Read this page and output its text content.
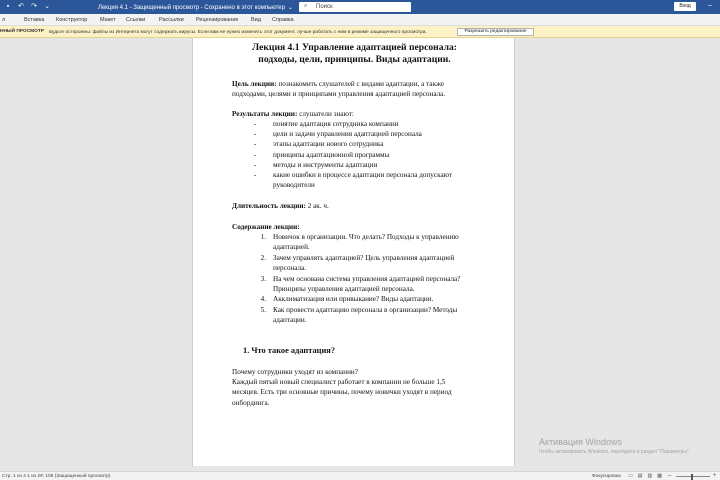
▪	↶ ↷ ⌄	Лекция 4.1 - Защищенный просмотр - Сохранено в этот компьютер ⌄ ⌕ Поиск	Вход	–
л	Вставка Конструктор Макет Ссылки Рассылки Рецензирование Вид Справка
ННЫЙ ПРОСМОТР Будьте осторожны: файлы из Интернета могут содержать вирусы. Если вам не нужно изменять этот документ, лучше работать с ним в режиме защищенного просмотра.	Разрешить редактирование
Лекция 4.1 Управление адаптацией персонала:
подходы, цели, принципы. Виды адаптации.
Цель лекции: познакомить слушателей с видами адаптации, а также
подходами, целями и принципами управления адаптацией персонала.
Результаты лекции: слушатели знают:
- понятие адаптация сотрудника компании
- цели и задачи управления адаптацией персонала
- этапы адаптации нового сотрудника
- принципы адаптационной программы
- методы и инструменты адаптации
- какие ошибки в процессе адаптации персонала допускают
руководители
Длительность лекции: 2 ак. ч.
Содержание лекции:
1. Новичок в организации. Что делать? Подходы к управлению
адаптацией.
2. Зачем управлять адаптацией? Цель управления адаптацией
персонала.
3. На чем основана система управления адаптацией персонала?
Принципы управления адаптацией персонала.
4. Акклиматизация или привыкание? Виды адаптации.
5. Как провести адаптацию персонала в организации? Методы
адаптации.
1. Что такое адаптация?
Почему сотрудники уходят из компании?
Каждый пятый новый специалист работает в компании не больше 1,5
месяцев. Есть три основные причины, почему новички уходят в период
онбординга.
Активация Windows
Чтобы активировать Windows, перейдите в раздел "Параметры".
Стр. 1 из 4 1 из 28: 105 (Защищенный просмотр)	Фокусировка ▭ ▤ ▥ ▦ –	+
